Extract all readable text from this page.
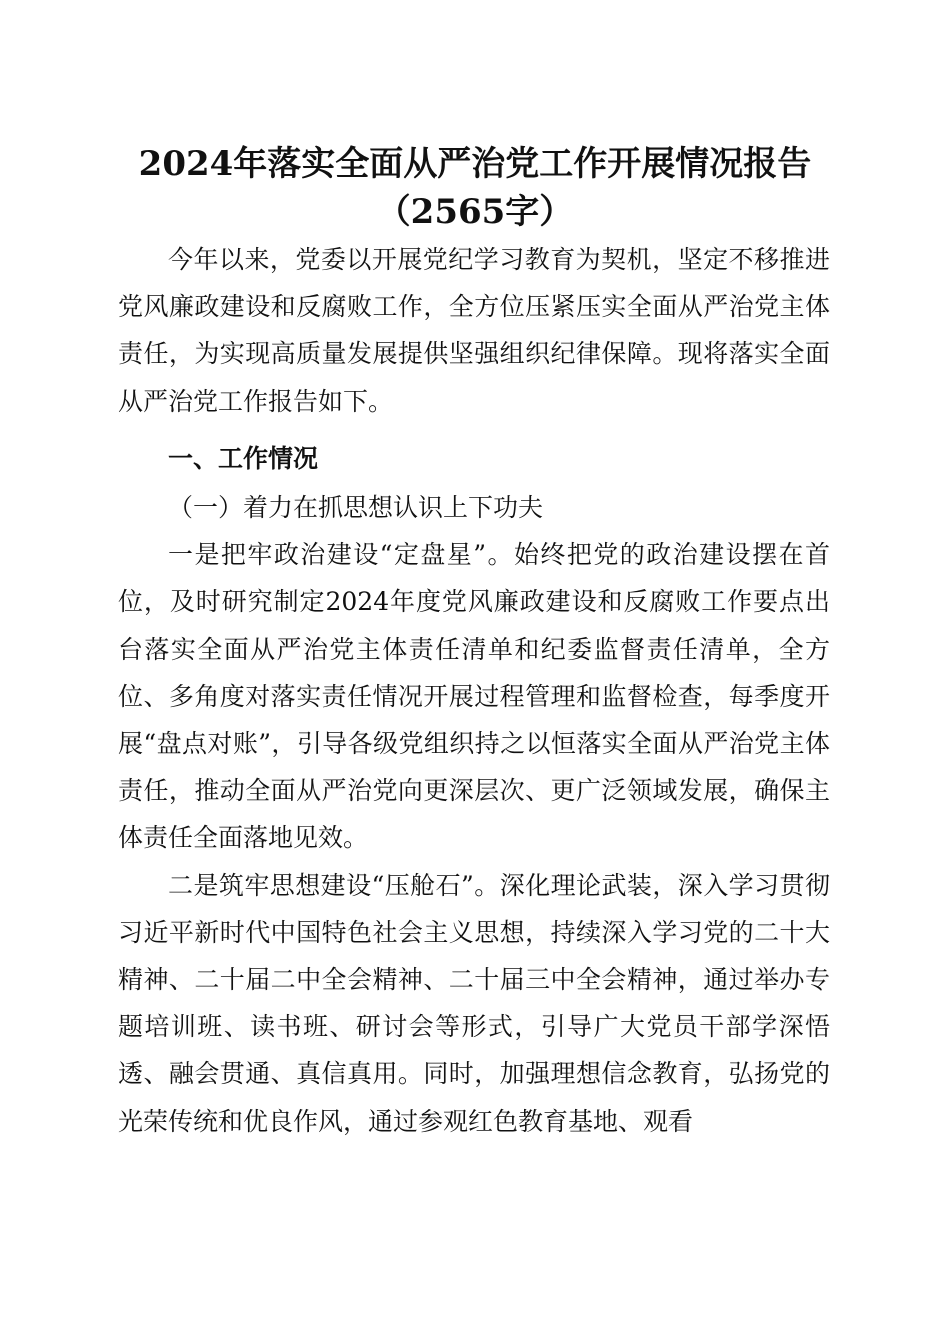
2024年落实全面从严治党工作开展情况报告
（2565字）

今年以来，党委以开展党纪学习教育为契机，坚定不移推进党风廉政建设和反腐败工作，全方位压紧压实全面从严治党主体责任，为实现高质量发展提供坚强组织纪律保障。现将落实全面从严治党工作报告如下。

一、工作情况

（一）着力在抓思想认识上下功夫

一是把牢政治建设“定盘星”。始终把党的政治建设摆在首位，及时研究制定2024年度党风廉政建设和反腐败工作要点出台落实全面从严治党主体责任清单和纪委监督责任清单，全方位、多角度对落实责任情况开展过程管理和监督检查，每季度开展“盘点对账”，引导各级党组织持之以恒落实全面从严治党主体责任，推动全面从严治党向更深层次、更广泛领域发展，确保主体责任全面落地见效。

二是筑牢思想建设“压舱石”。深化理论武装，深入学习贯彻习近平新时代中国特色社会主义思想，持续深入学习党的二十大精神、二十届二中全会精神、二十届三中全会精神，通过举办专题培训班、读书班、研讨会等形式，引导广大党员干部学深悟透、融会贯通、真信真用。同时，加强理想信念教育，弘扬党的光荣传统和优良作风，通过参观红色教育基地、观看
